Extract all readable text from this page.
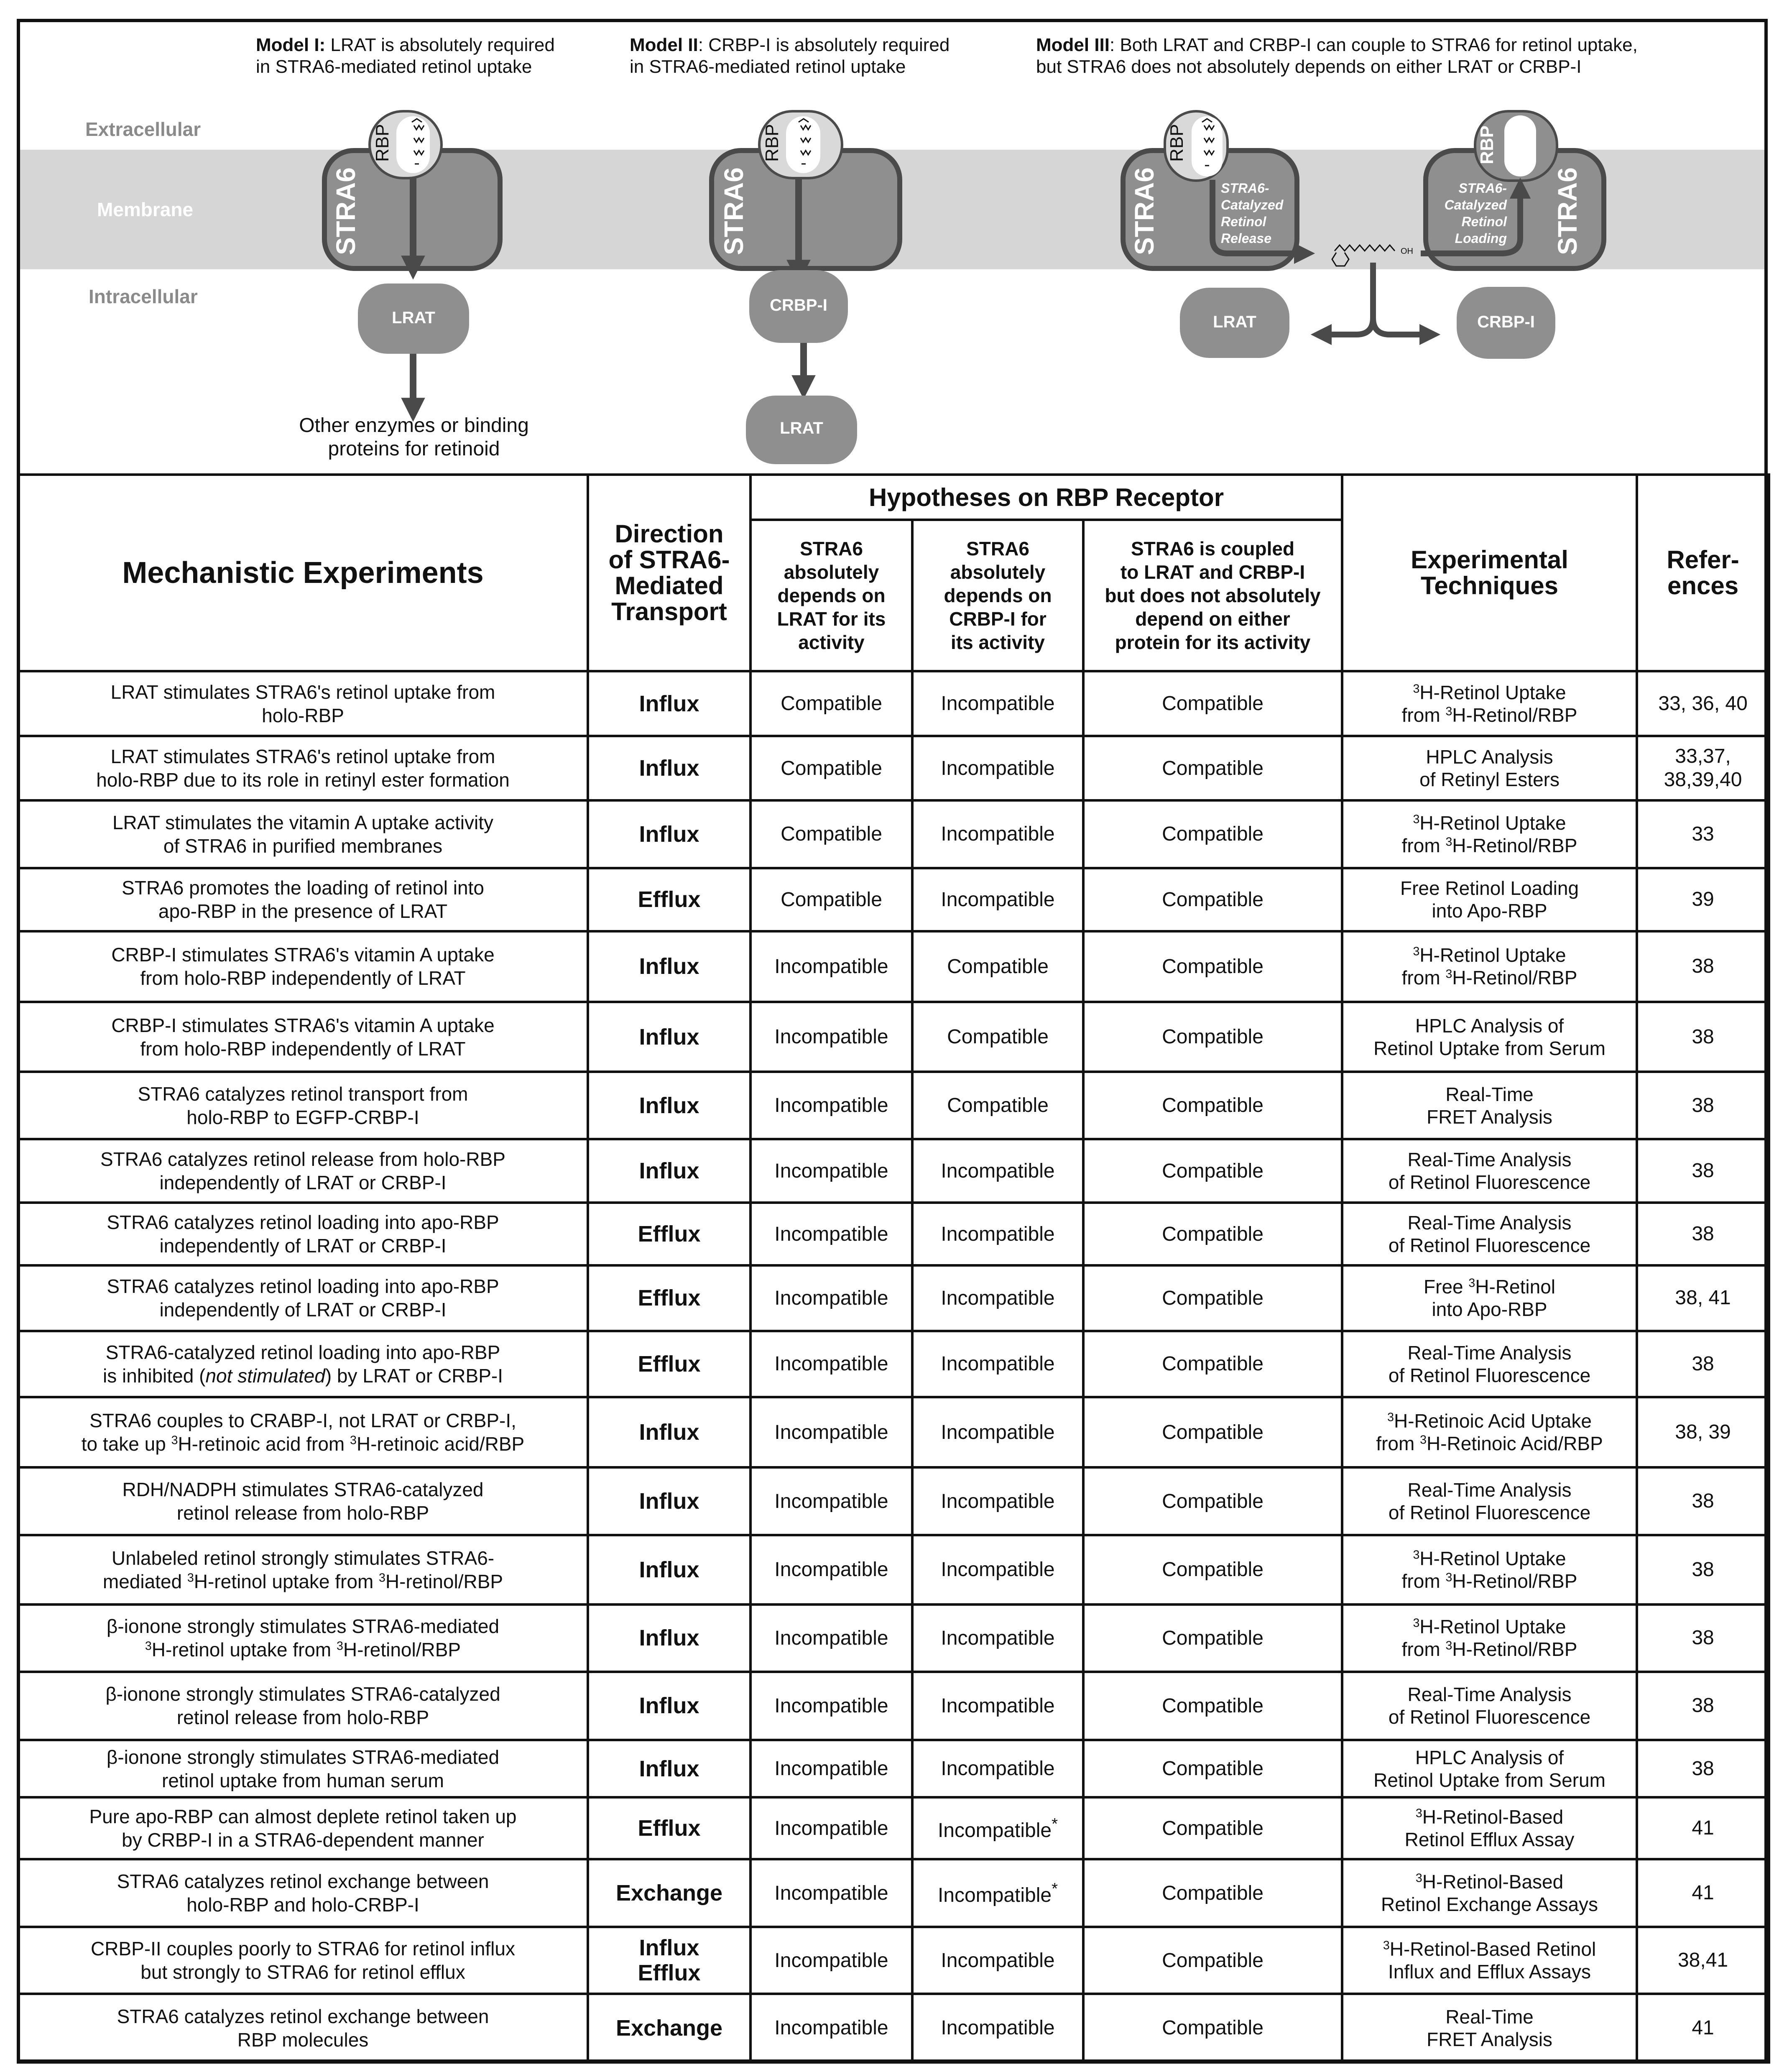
Extracellular
Membrane
Intracellular
Model I: LRAT is absolutely required
in STRA6-mediated retinol uptake
Model II: CRBP-I is absolutely required
in STRA6-mediated retinol uptake
Model III: Both LRAT and CRBP-I can couple to STRA6 for retinol uptake,
but STRA6 does not absolutely depends on either LRAT or CRBP-I
STRA6
RBP
LRAT
Other enzymes or binding
proteins for retinoid
STRA6
RBP
CRBP-I
LRAT
STRA6
RBP
STRA6-
Catalyzed
Retinol
Release
STRA6-
Catalyzed
Retinol
Loading
RBP
STRA6
OH
LRAT	CRBP-I
Mechanistic Experiments	Direction
of STRA6-
Mediated
Transport	Hypotheses on RBP Receptor			Experimental
Techniques	Refer-
ences
		STRA6
absolutely
depends on
LRAT for its
activity	STRA6
absolutely
depends on
CRBP-I for
its activity	STRA6 is coupled
to LRAT and CRBP-I
but does not absolutely
depend on either
protein for its activity		
LRAT stimulates STRA6's retinol uptake from
holo-RBP	Influx	Compatible	Incompatible	Compatible	$^3$H-Retinol Uptake
from $^3$H-Retinol/RBP	33, 36, 40
LRAT stimulates STRA6's retinol uptake from
holo-RBP due to its role in retinyl ester formation	Influx	Compatible	Incompatible	Compatible	HPLC Analysis
of Retinyl Esters	33,37,
38,39,40
LRAT stimulates the vitamin A uptake activity
of STRA6 in purified membranes	Influx	Compatible	Incompatible	Compatible	$^3$H-Retinol Uptake
from $^3$H-Retinol/RBP	33
STRA6 promotes the loading of retinol into
apo-RBP in the presence of LRAT	Efflux	Compatible	Incompatible	Compatible	Free Retinol Loading
into Apo-RBP	39
CRBP-I stimulates STRA6's vitamin A uptake
from holo-RBP independently of LRAT	Influx	Incompatible	Compatible	Compatible	$^3$H-Retinol Uptake
from $^3$H-Retinol/RBP	38
CRBP-I stimulates STRA6's vitamin A uptake
from holo-RBP independently of LRAT	Influx	Incompatible	Compatible	Compatible	HPLC Analysis of
Retinol Uptake from Serum	38
STRA6 catalyzes retinol transport from
holo-RBP to EGFP-CRBP-I	Influx	Incompatible	Compatible	Compatible	Real-Time
FRET Analysis	38
STRA6 catalyzes retinol release from holo-RBP
independently of LRAT or CRBP-I	Influx	Incompatible	Incompatible	Compatible	Real-Time Analysis
of Retinol Fluorescence	38
STRA6 catalyzes retinol loading into apo-RBP
independently of LRAT or CRBP-I	Efflux	Incompatible	Incompatible	Compatible	Real-Time Analysis
of Retinol Fluorescence	38
STRA6 catalyzes retinol loading into apo-RBP
independently of LRAT or CRBP-I	Efflux	Incompatible	Incompatible	Compatible	Free $^3$H-Retinol
into Apo-RBP	38, 41
STRA6-catalyzed retinol loading into apo-RBP
is inhibited (not stimulated) by LRAT or CRBP-I	Efflux	Incompatible	Incompatible	Compatible	Real-Time Analysis
of Retinol Fluorescence	38
STRA6 couples to CRABP-I, not LRAT or CRBP-I,
to take up $^3$H-retinoic acid from $^3$H-retinoic acid/RBP	Influx	Incompatible	Incompatible	Compatible	$^3$H-Retinoic Acid Uptake
from $^3$H-Retinoic Acid/RBP	38, 39
RDH/NADPH stimulates STRA6-catalyzed
retinol release from holo-RBP	Influx	Incompatible	Incompatible	Compatible	Real-Time Analysis
of Retinol Fluorescence	38
Unlabeled retinol strongly stimulates STRA6-
mediated $^3$H-retinol uptake from $^3$H-retinol/RBP	Influx	Incompatible	Incompatible	Compatible	$^3$H-Retinol Uptake
from $^3$H-Retinol/RBP	38
β-ionone strongly stimulates STRA6-mediated
$^3$H-retinol uptake from $^3$H-retinol/RBP	Influx	Incompatible	Incompatible	Compatible	$^3$H-Retinol Uptake
from $^3$H-Retinol/RBP	38
β-ionone strongly stimulates STRA6-catalyzed
retinol release from holo-RBP	Influx	Incompatible	Incompatible	Compatible	Real-Time Analysis
of Retinol Fluorescence	38
β-ionone strongly stimulates STRA6-mediated
retinol uptake from human serum	Influx	Incompatible	Incompatible	Compatible	HPLC Analysis of
Retinol Uptake from Serum	38
Pure apo-RBP can almost deplete retinol taken up
by CRBP-I in a STRA6-dependent manner	Efflux	Incompatible	Incompatible*	Compatible	$^3$H-Retinol-Based
Retinol Efflux Assay	41
STRA6 catalyzes retinol exchange between
holo-RBP and holo-CRBP-I	Exchange	Incompatible	Incompatible*	Compatible	$^3$H-Retinol-Based
Retinol Exchange Assays	41
CRBP-II couples poorly to STRA6 for retinol influx
but strongly to STRA6 for retinol efflux	Influx
Efflux	Incompatible	Incompatible	Compatible	$^3$H-Retinol-Based Retinol
Influx and Efflux Assays	38,41
STRA6 catalyzes retinol exchange between
RBP molecules	Exchange	Incompatible	Incompatible	Compatible	Real-Time
FRET Analysis	41
